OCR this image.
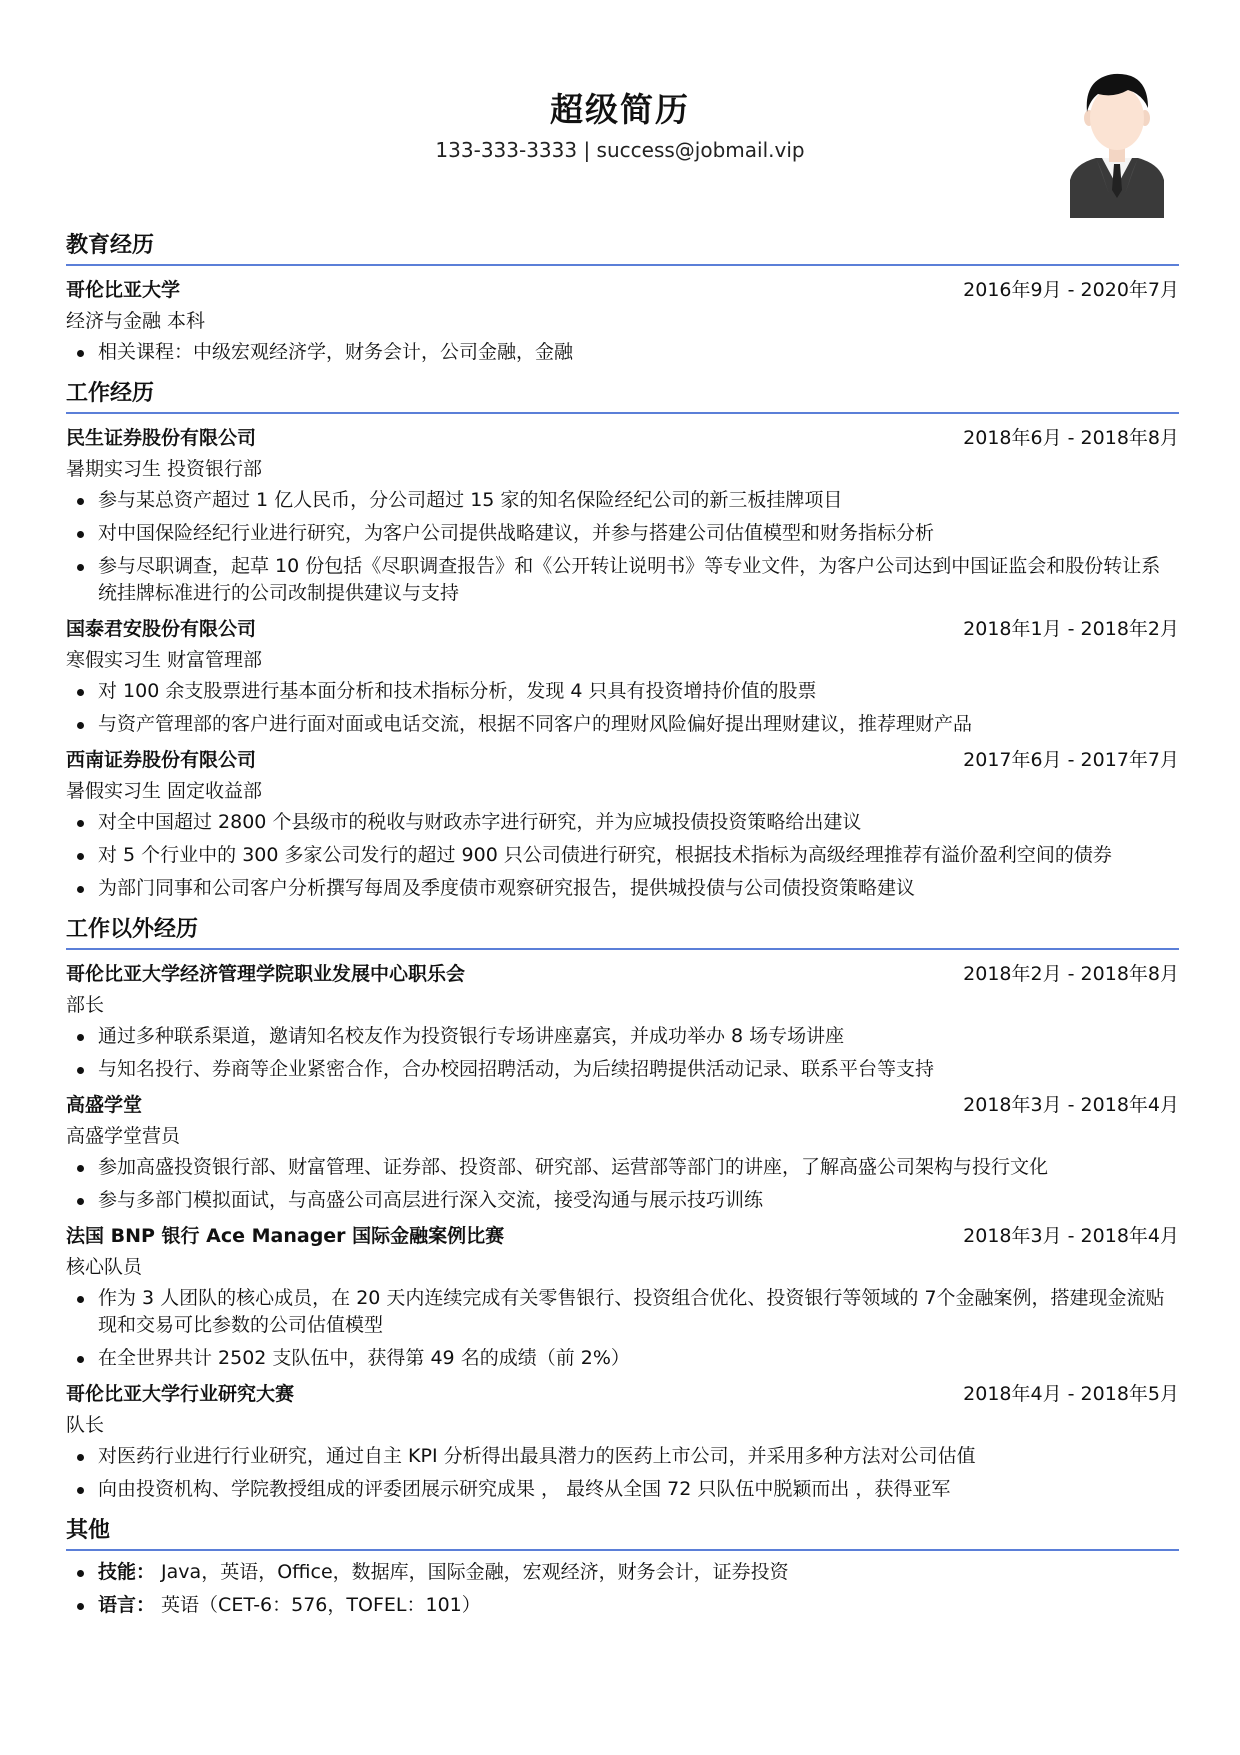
超级简历
133-333-3333 | success@jobmail.vip
教育经历
哥伦比亚大学	2016年9月 - 2020年7月
经济与金融 本科
相关课程：中级宏观经济学，财务会计，公司金融，金融
工作经历
民生证券股份有限公司	2018年6月 - 2018年8月
暑期实习生 投资银行部
参与某总资产超过 1 亿人民币，分公司超过 15 家的知名保险经纪公司的新三板挂牌项目
对中国保险经纪行业进行研究，为客户公司提供战略建议，并参与搭建公司估值模型和财务指标分析
参与尽职调查，起草 10 份包括《尽职调查报告》和《公开转让说明书》等专业文件，为客户公司达到中国证监会和股份转让系统挂牌标准进行的公司改制提供建议与支持
国泰君安股份有限公司	2018年1月 - 2018年2月
寒假实习生 财富管理部
对 100 余支股票进行基本面分析和技术指标分析，发现 4 只具有投资增持价值的股票
与资产管理部的客户进行面对面或电话交流，根据不同客户的理财风险偏好提出理财建议，推荐理财产品
西南证券股份有限公司	2017年6月 - 2017年7月
暑假实习生 固定收益部
对全中国超过 2800 个县级市的税收与财政赤字进行研究，并为应城投债投资策略给出建议
对 5 个行业中的 300 多家公司发行的超过 900 只公司债进行研究，根据技术指标为高级经理推荐有溢价盈利空间的债券
为部门同事和公司客户分析撰写每周及季度债市观察研究报告，提供城投债与公司债投资策略建议
工作以外经历
哥伦比亚大学经济管理学院职业发展中心职乐会	2018年2月 - 2018年8月
部长
通过多种联系渠道，邀请知名校友作为投资银行专场讲座嘉宾，并成功举办 8 场专场讲座
与知名投行、券商等企业紧密合作，合办校园招聘活动，为后续招聘提供活动记录、联系平台等支持
高盛学堂	2018年3月 - 2018年4月
高盛学堂营员
参加高盛投资银行部、财富管理、证券部、投资部、研究部、运营部等部门的讲座，了解高盛公司架构与投行文化
参与多部门模拟面试，与高盛公司高层进行深入交流，接受沟通与展示技巧训练
法国 BNP 银行 Ace Manager 国际金融案例比赛	2018年3月 - 2018年4月
核心队员
作为 3 人团队的核心成员，在 20 天内连续完成有关零售银行、投资组合优化、投资银行等领域的 7个金融案例，搭建现金流贴现和交易可比参数的公司估值模型
在全世界共计 2502 支队伍中，获得第 49 名的成绩（前 2%）
哥伦比亚大学行业研究大赛	2018年4月 - 2018年5月
队长
对医药行业进行行业研究，通过自主 KPI 分析得出最具潜力的医药上市公司，并采用多种方法对公司估值
向由投资机构、学院教授组成的评委团展示研究成果 ， 最终从全国 72 只队伍中脱颖而出 ，获得亚军
其他
技能： Java，英语，Office，数据库，国际金融，宏观经济，财务会计，证券投资
语言： 英语（CET-6：576，TOFEL：101）
